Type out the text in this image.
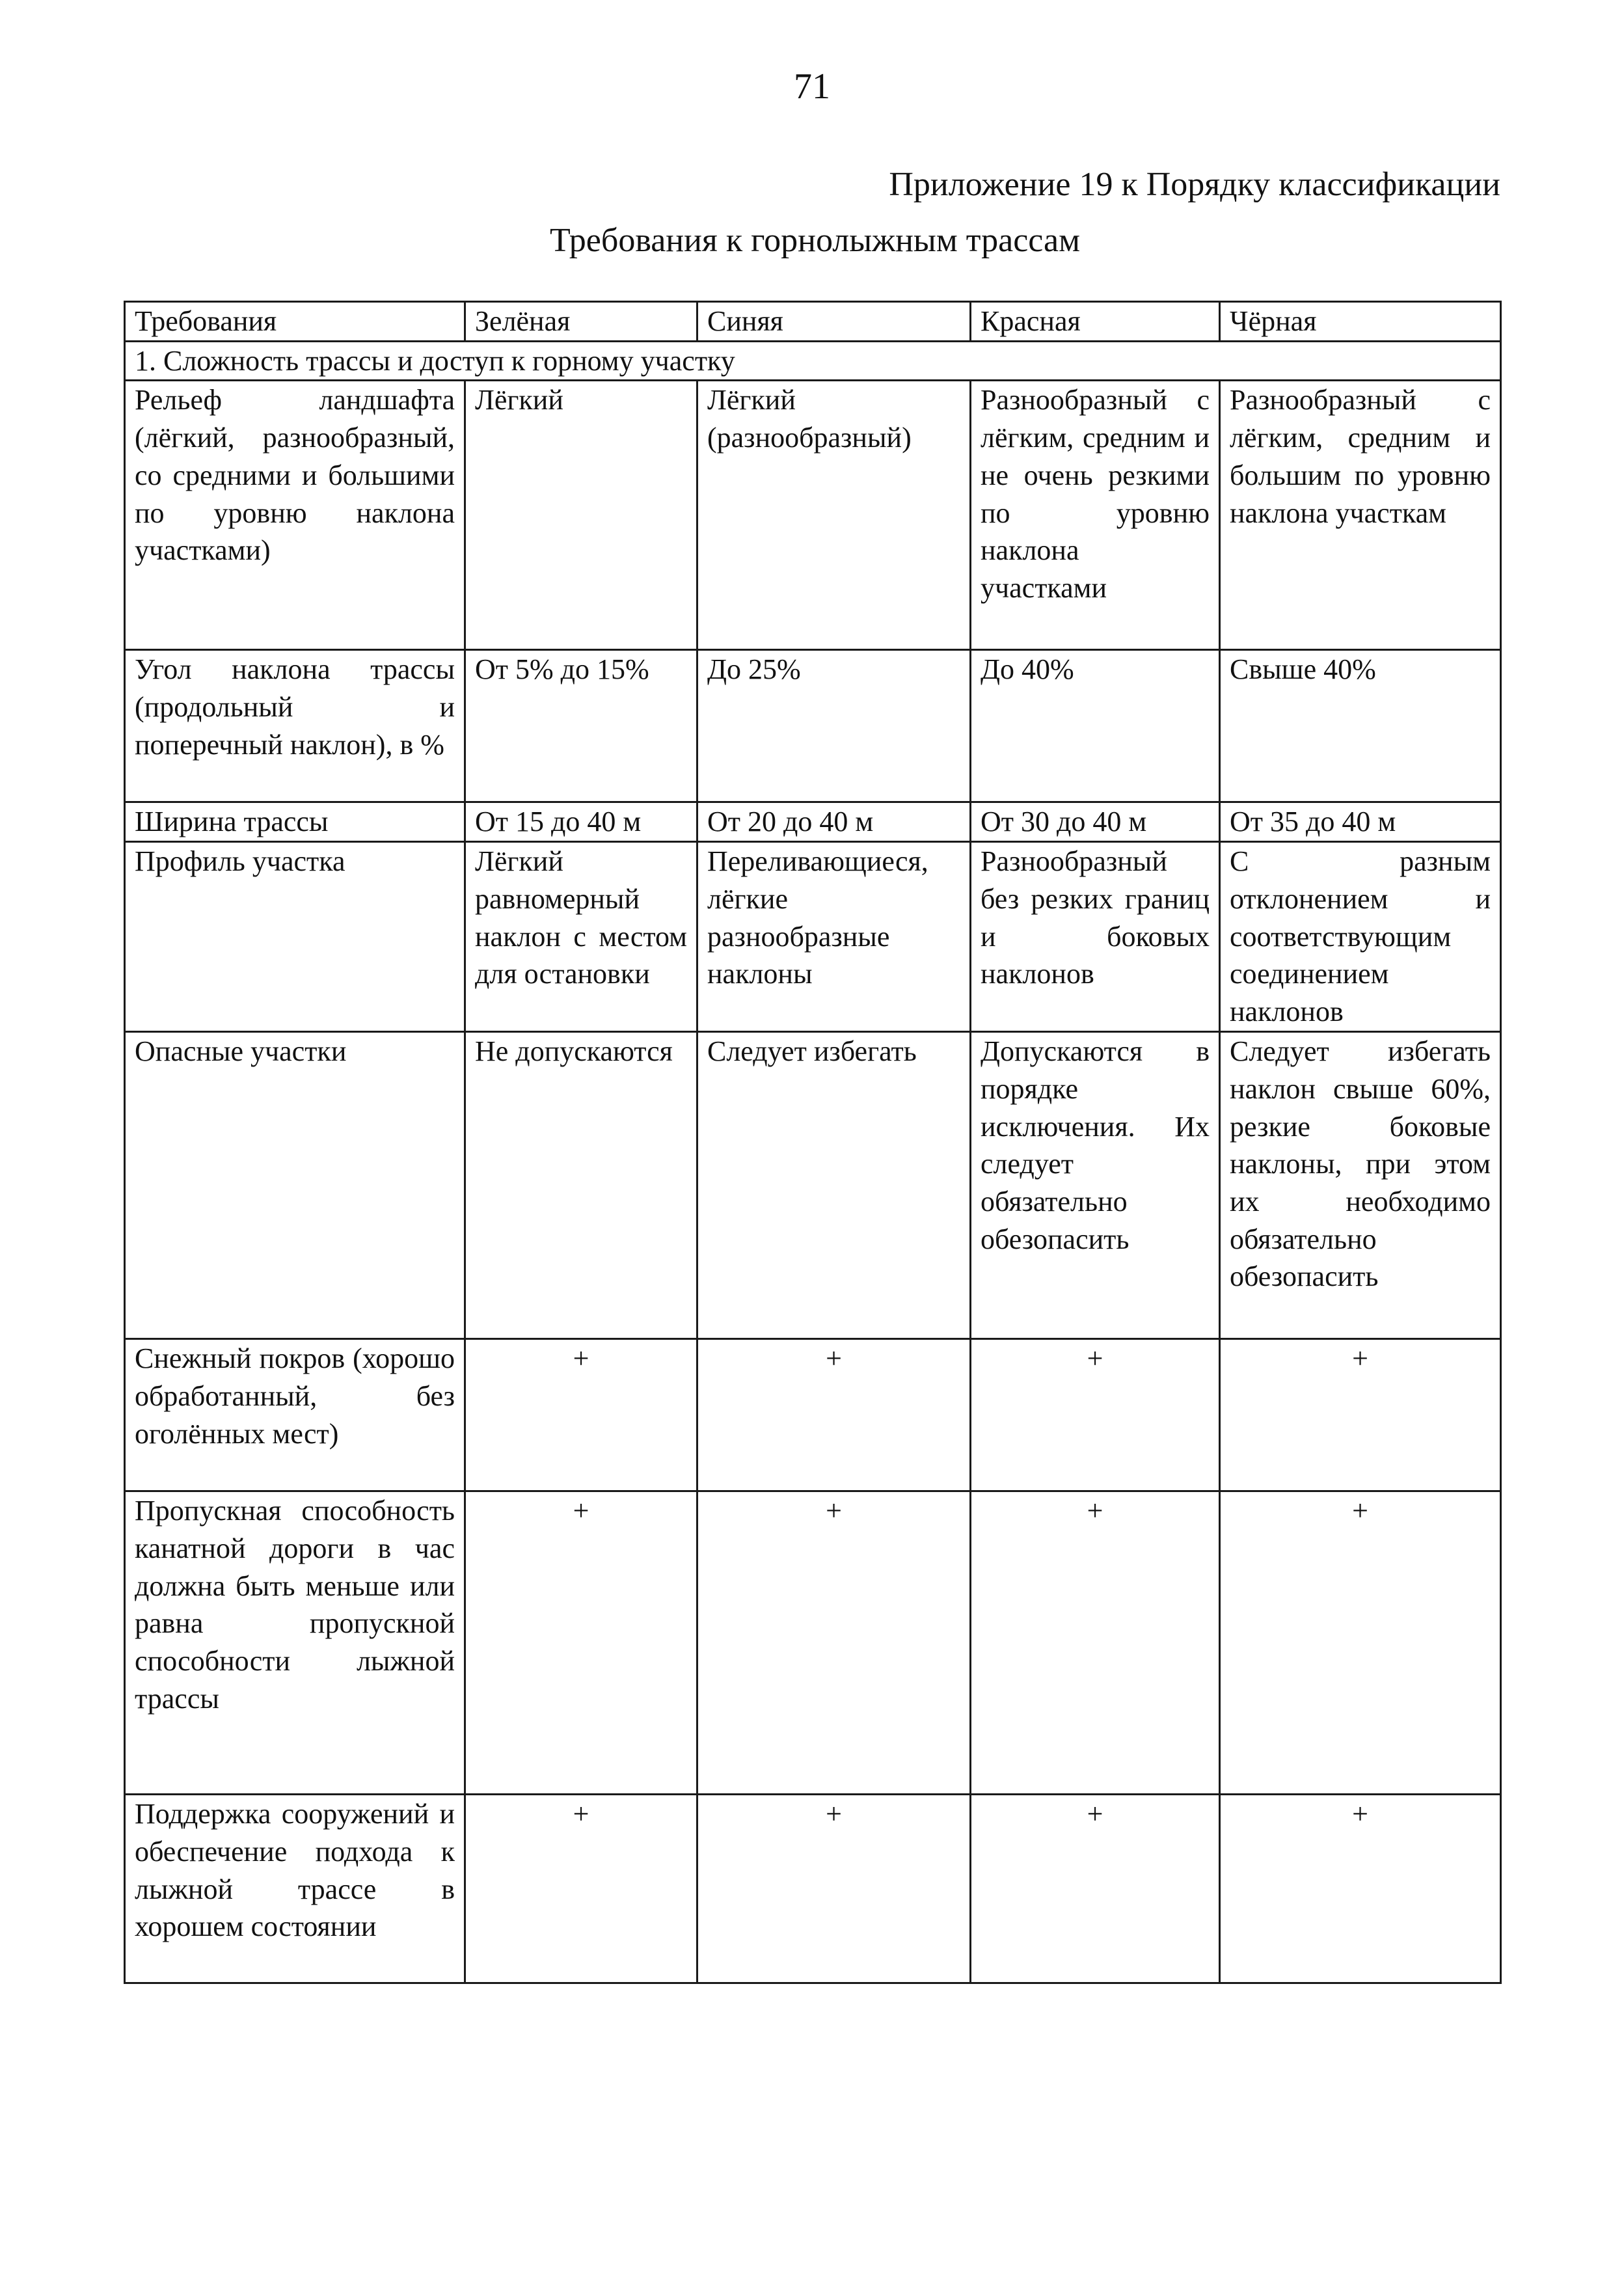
71
Приложение 19 к Порядку классификации
Требования к горнолыжным трассам
Требования	Зелёная	Синяя	Красная	Чёрная
1. Сложность трассы и доступ к горному участку				
Рельеф ландшафта (лёгкий, разнообразный, со средними и большими по уровню наклона участками)	Лёгкий	Лёгкий (разнообразный)	Разнообразный с лёгким, средним и не очень резкими по уровню наклона участками	Разнообразный с лёгким, средним и большим по уровню наклона участкам
Угол наклона трассы (продольный и поперечный наклон), в %	От 5% до 15%	До 25%	До 40%	Свыше 40%
Ширина трассы	От 15 до 40 м	От 20 до 40 м	От 30 до 40 м	От 35 до 40 м
Профиль участка	Лёгкий равномерный наклон с местом для остановки	Переливающиеся, лёгкие разнообразные наклоны	Разнообразный без резких границ и боковых наклонов	С разным отклонением и соответствующим соединением наклонов
Опасные участки	Не допускаются	Следует избегать	Допускаются в порядке исключения. Их следует обязательно обезопасить	Следует избегать наклон свыше 60%, резкие боковые наклоны, при этом их необходимо обязательно обезопасить
Снежный покров (хорошо обработанный, без оголённых мест)	+	+	+	+
Пропускная способность канатной дороги в час должна быть меньше или равна пропускной способности лыжной трассы	+	+	+	+
Поддержка сооружений и обеспечение подхода к лыжной трассе в хорошем состоянии	+	+	+	+
